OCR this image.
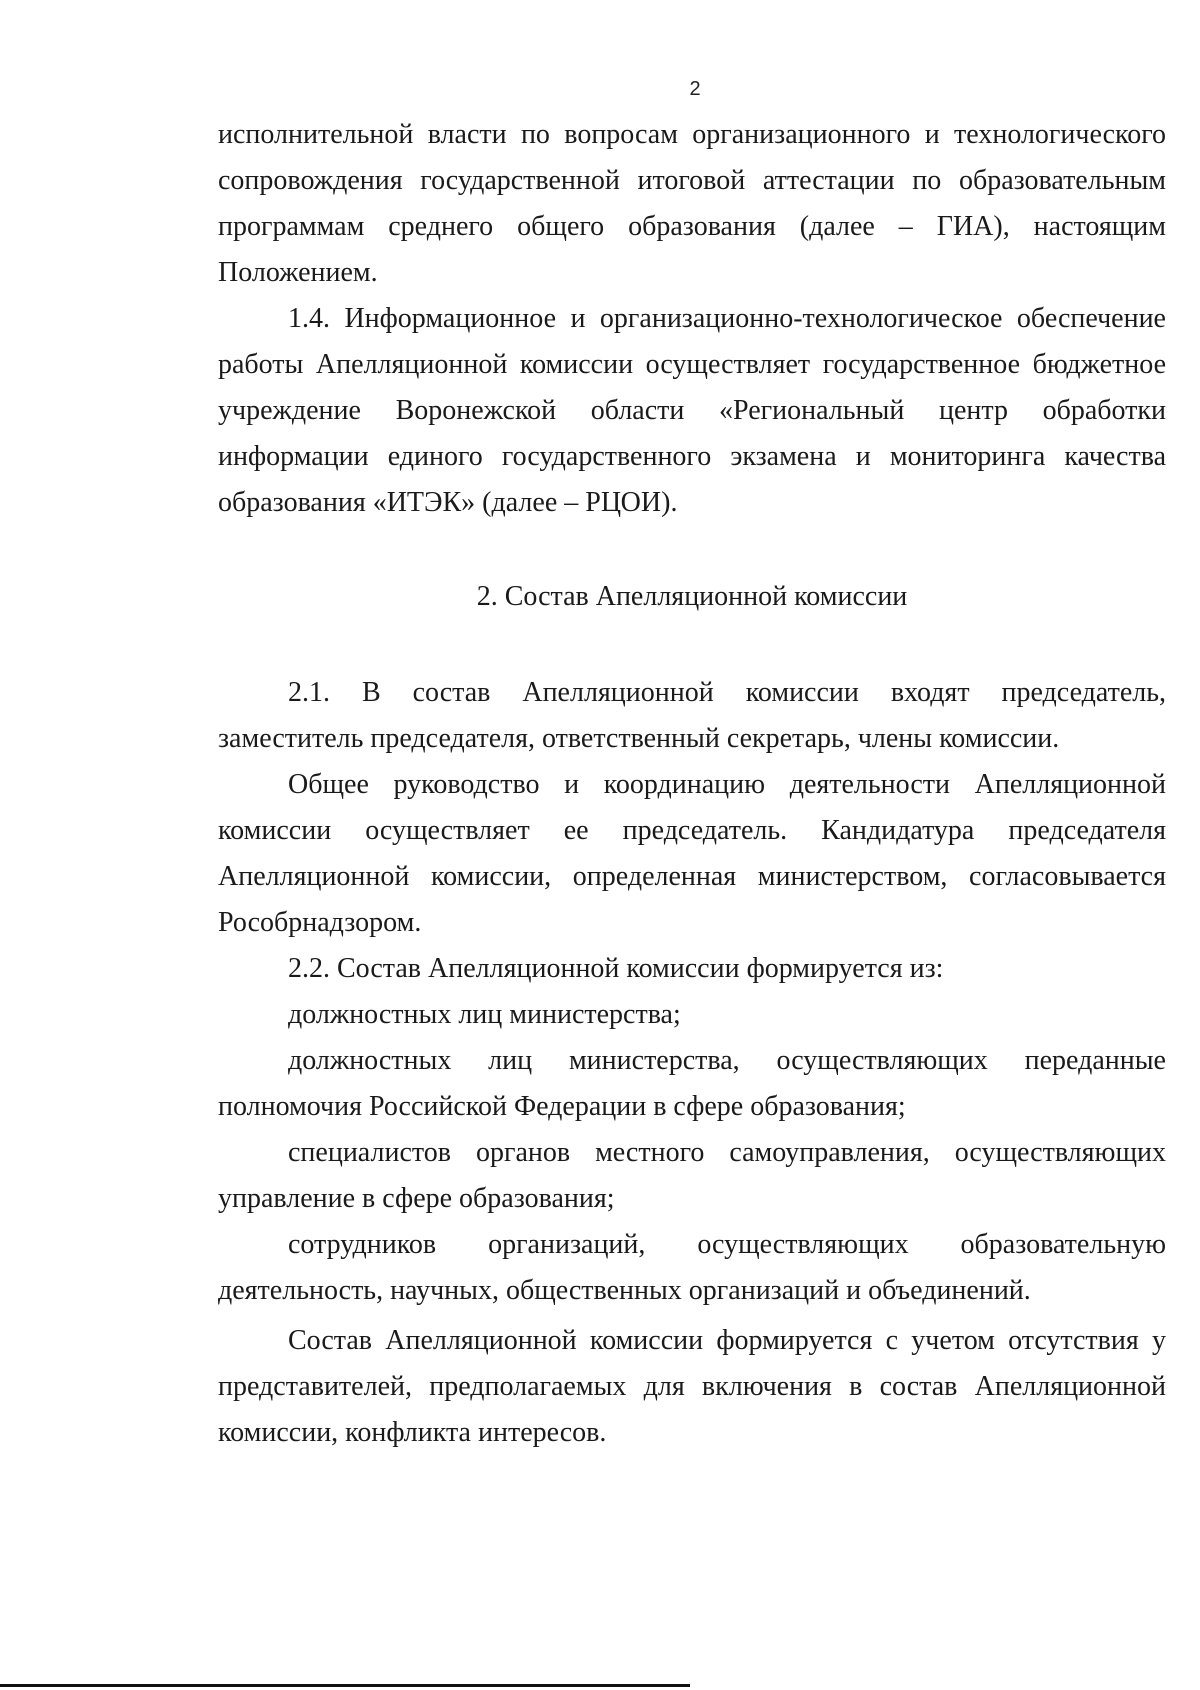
2

исполнительной власти по вопросам организационного и технологического сопровождения государственной итоговой аттестации по образовательным программам среднего общего образования (далее – ГИА), настоящим Положением.

1.4. Информационное и организационно-технологическое обеспечение работы Апелляционной комиссии осуществляет государственное бюджетное учреждение Воронежской области «Региональный центр обработки информации единого государственного экзамена и мониторинга качества образования «ИТЭК» (далее – РЦОИ).

2. Состав Апелляционной комиссии

2.1. В состав Апелляционной комиссии входят председатель, заместитель председателя, ответственный секретарь, члены комиссии.

Общее руководство и координацию деятельности Апелляционной комиссии осуществляет ее председатель. Кандидатура председателя Апелляционной комиссии, определенная министерством, согласовывается Рособрнадзором.

2.2. Состав Апелляционной комиссии формируется из:

должностных лиц министерства;

должностных лиц министерства, осуществляющих переданные полномочия Российской Федерации в сфере образования;

специалистов органов местного самоуправления, осуществляющих управление в сфере образования;

сотрудников организаций, осуществляющих образовательную деятельность, научных, общественных организаций и объединений.

Состав Апелляционной комиссии формируется с учетом отсутствия у представителей, предполагаемых для включения в состав Апелляционной комиссии, конфликта интересов.
